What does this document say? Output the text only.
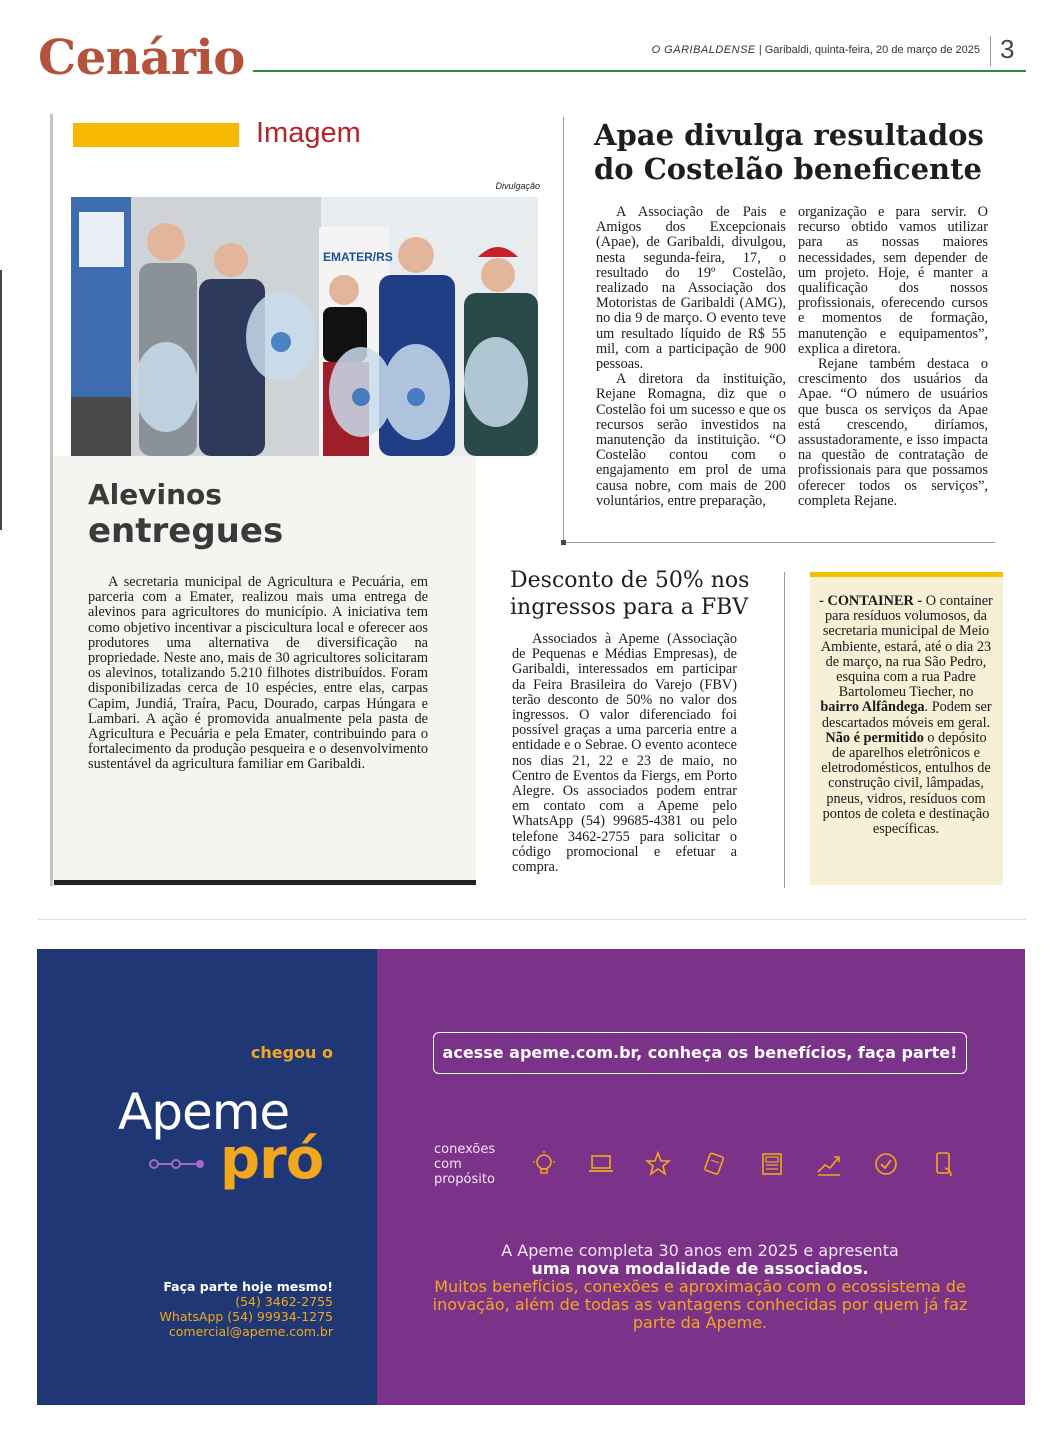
Cenário	O GARIBALDENSE | Garibaldi, quinta-feira, 20 de março de 2025 3
Imagem
Divulgação
EMATER/RS
Alevinos
entregues

A secretaria municipal de Agricultura e Pecuária, em parceria com a Emater, realizou mais uma entrega de alevinos para agricultores do município. A iniciativa tem como objetivo incentivar a piscicultura local e oferecer aos produtores uma alternativa de diversificação na propriedade. Neste ano, mais de 30 agricultores solicitaram os alevinos, totalizando 5.210 filhotes distribuídos. Foram disponibilizadas cerca de 10 espécies, entre elas, carpas Capim, Jundiá, Traíra, Pacu, Dourado, carpas Húngara e Lambari. A ação é promovida anualmente pela pasta de Agricultura e Pecuária e pela Emater, contribuindo para o fortalecimento da produção pesqueira e o desenvolvimento sustentável da agricultura familiar em Garibaldi.

Apae divulga resultados do Costelão beneficente

A Associação de Pais e Amigos dos Excepcionais (Apae), de Garibaldi, divulgou, nesta segunda-feira, 17, o resultado do 19º Costelão, realizado na Associação dos Motoristas de Garibaldi (AMG), no dia 9 de março. O evento teve um resultado líquido de R$ 55 mil, com a participação de 900 pessoas.

A diretora da instituição, Rejane Romagna, diz que o Costelão foi um sucesso e que os recursos serão investidos na manutenção da instituição. “O Costelão contou com o engajamento em prol de uma causa nobre, com mais de 200 voluntários, entre preparação,

organização e para servir. O recurso obtido vamos utilizar para as nossas maiores necessidades, sem depender de um projeto. Hoje, é manter a qualificação dos nossos profissionais, oferecendo cursos e momentos de formação, manutenção e equipamentos”, explica a diretora.

Rejane também destaca o crescimento dos usuários da Apae. “O número de usuários que busca os serviços da Apae está crescendo, diríamos, assustadoramente, e isso impacta na questão de contratação de profissionais para que possamos oferecer todos os serviços”, completa Rejane.

Desconto de 50% nos ingressos para a FBV

Associados à Apeme (Associação de Pequenas e Médias Empresas), de Garibaldi, interessados em participar da Feira Brasileira do Varejo (FBV) terão desconto de 50% no valor dos ingressos. O valor diferenciado foi possível graças a uma parceria entre a entidade e o Sebrae. O evento acontece nos dias 21, 22 e 23 de maio, no Centro de Eventos da Fiergs, em Porto Alegre. Os associados podem entrar em contato com a Apeme pelo WhatsApp (54) 99685-4381 ou pelo telefone 3462-2755 para solicitar o código promocional e efetuar a compra.

- CONTAINER - O container para resíduos volumosos, da secretaria municipal de Meio Ambiente, estará, até o dia 23 de março, na rua São Pedro, esquina com a rua Padre Bartolomeu Tiecher, no bairro Alfândega. Podem ser descartados móveis em geral. Não é permitido o depósito de aparelhos eletrônicos e eletrodomésticos, entulhos de construção civil, lâmpadas, pneus, vidros, resíduos com pontos de coleta e destinação específicas.
chegou o
Apeme
pró
Faça parte hoje mesmo!
(54) 3462-2755
WhatsApp (54) 99934-1275
comercial@apeme.com.br
acesse apeme.com.br, conheça os benefícios, faça parte!
conexões
com
propósito
A Apeme completa 30 anos em 2025 e apresenta
uma nova modalidade de associados.
Muitos benefícios, conexões e aproximação com o ecossistema de inovação, além de todas as vantagens conhecidas por quem já faz parte da Apeme.
